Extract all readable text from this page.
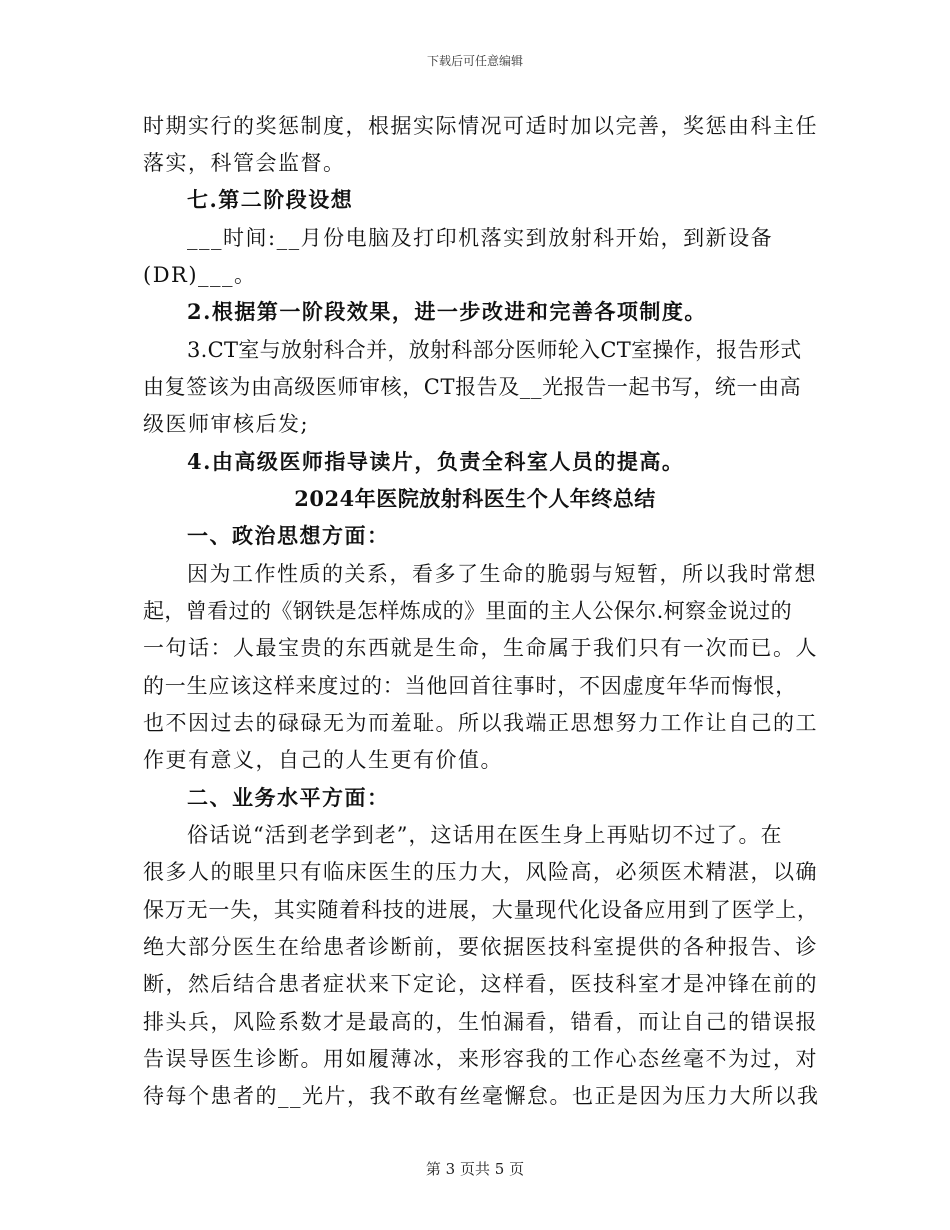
下载后可任意编辑
时期实行的奖惩制度，根据实际情况可适时加以完善，奖惩由科主任
落实，科管会监督。
七.第二阶段设想
___时间:__月份电脑及打印机落实到放射科开始，到新设备
(DR)___。
2.根据第一阶段效果，进一步改进和完善各项制度。
3.CT室与放射科合并，放射科部分医师轮入CT室操作，报告形式
由复签该为由高级医师审核，CT报告及__光报告一起书写，统一由高
级医师审核后发;
4.由高级医师指导读片，负责全科室人员的提高。
2024年医院放射科医生个人年终总结
一、政治思想方面：
因为工作性质的关系，看多了生命的脆弱与短暂，所以我时常想
起，曾看过的《钢铁是怎样炼成的》里面的主人公保尔.柯察金说过的
一句话：人最宝贵的东西就是生命，生命属于我们只有一次而已。人
的一生应该这样来度过的：当他回首往事时，不因虚度年华而悔恨，
也不因过去的碌碌无为而羞耻。所以我端正思想努力工作让自己的工
作更有意义，自己的人生更有价值。
二、业务水平方面：
俗话说“活到老学到老”，这话用在医生身上再贴切不过了。在
很多人的眼里只有临床医生的压力大，风险高，必须医术精湛，以确
保万无一失，其实随着科技的进展，大量现代化设备应用到了医学上，
绝大部分医生在给患者诊断前，要依据医技科室提供的各种报告、诊
断，然后结合患者症状来下定论，这样看，医技科室才是冲锋在前的
排头兵，风险系数才是最高的，生怕漏看，错看，而让自己的错误报
告误导医生诊断。用如履薄冰，来形容我的工作心态丝毫不为过，对
待每个患者的__光片，我不敢有丝毫懈怠。也正是因为压力大所以我
第 3 页共 5 页
